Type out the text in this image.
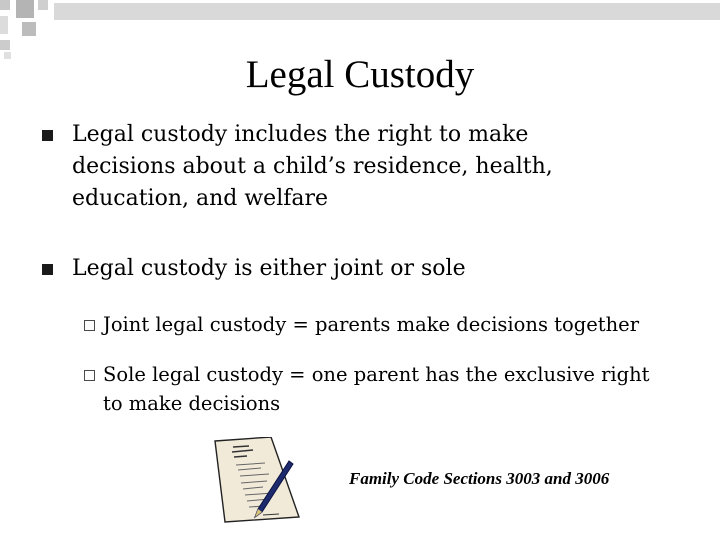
Legal Custody
Legal custody includes the right to make
decisions about a child’s residence, health,
education, and welfare
Legal custody is either joint or sole
Joint legal custody = parents make decisions together
Sole legal custody = one parent has the exclusive right
to make decisions
Family Code Sections 3003 and 3006
